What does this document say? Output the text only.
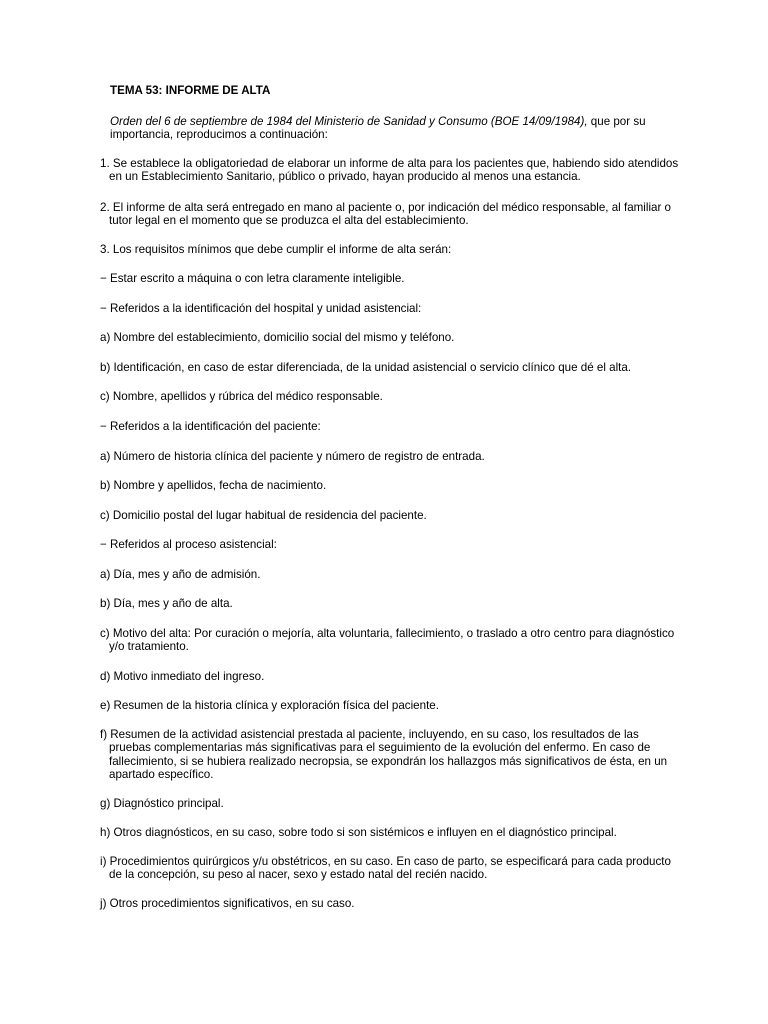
TEMA 53: INFORME DE ALTA

Orden del 6 de septiembre de 1984 del Ministerio de Sanidad y Consumo (BOE 14/09/1984), que por su importancia, reproducimos a continuación:

1. Se establece la obligatoriedad de elaborar un informe de alta para los pacientes que, habiendo sido atendidos en un Establecimiento Sanitario, público o privado, hayan producido al menos una estancia.

2. El informe de alta será entregado en mano al paciente o, por indicación del médico responsable, al familiar o tutor legal en el momento que se produzca el alta del establecimiento.

3. Los requisitos mínimos que debe cumplir el informe de alta serán:

− Estar escrito a máquina o con letra claramente inteligible.

− Referidos a la identificación del hospital y unidad asistencial:

a) Nombre del establecimiento, domicilio social del mismo y teléfono.

b) Identificación, en caso de estar diferenciada, de la unidad asistencial o servicio clínico que dé el alta.

c) Nombre, apellidos y rúbrica del médico responsable.

− Referidos a la identificación del paciente:

a) Número de historia clínica del paciente y número de registro de entrada.

b) Nombre y apellidos, fecha de nacimiento.

c) Domicilio postal del lugar habitual de residencia del paciente.

− Referidos al proceso asistencial:

a) Día, mes y año de admisión.

b) Día, mes y año de alta.

c) Motivo del alta: Por curación o mejoría, alta voluntaria, fallecimiento, o traslado a otro centro para diagnóstico y/o tratamiento.

d) Motivo inmediato del ingreso.

e) Resumen de la historia clínica y exploración física del paciente.

f) Resumen de la actividad asistencial prestada al paciente, incluyendo, en su caso, los resultados de las pruebas complementarias más significativas para el seguimiento de la evolución del enfermo. En caso de fallecimiento, si se hubiera realizado necropsia, se expondrán los hallazgos más significativos de ésta, en un apartado específico.

g) Diagnóstico principal.

h) Otros diagnósticos, en su caso, sobre todo si son sistémicos e influyen en el diagnóstico principal.

i) Procedimientos quirúrgicos y/u obstétricos, en su caso. En caso de parto, se especificará para cada producto de la concepción, su peso al nacer, sexo y estado natal del recién nacido.

j) Otros procedimientos significativos, en su caso.
